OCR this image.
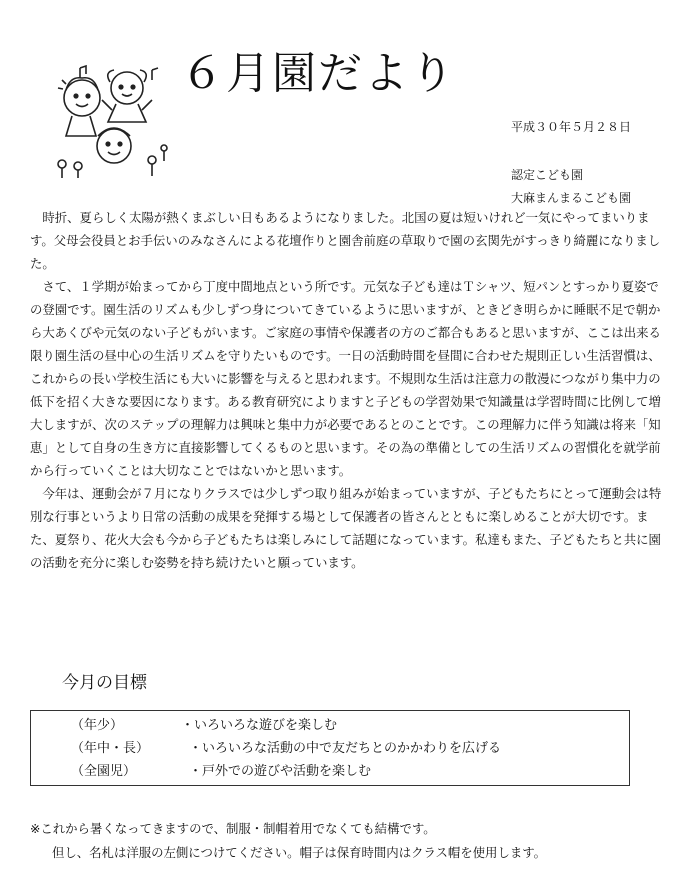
６月園だより
平成３０年５月２８日
認定こども園
大麻まんまるこども園

時折、夏らしく太陽が熱くまぶしい日もあるようになりました。北国の夏は短いけれど一気にやってまいります。父母会役員とお手伝いのみなさんによる花壇作りと園舎前庭の草取りで園の玄関先がすっきり綺麗になりました。

さて、１学期が始まってから丁度中間地点という所です。元気な子ども達はＴシャツ、短パンとすっかり夏姿での登園です。園生活のリズムも少しずつ身についてきているように思いますが、ときどき明らかに睡眠不足で朝から大あくびや元気のない子どもがいます。ご家庭の事情や保護者の方のご都合もあると思いますが、ここは出来る限り園生活の昼中心の生活リズムを守りたいものです。一日の活動時間を昼間に合わせた規則正しい生活習慣は、これからの長い学校生活にも大いに影響を与えると思われます。不規則な生活は注意力の散漫につながり集中力の低下を招く大きな要因になります。ある教育研究によりますと子どもの学習効果で知識量は学習時間に比例して増大しますが、次のステップの理解力は興味と集中力が必要であるとのことです。この理解力に伴う知識は将来「知恵」として自身の生き方に直接影響してくるものと思います。その為の準備としての生活リズムの習慣化を就学前から行っていくことは大切なことではないかと思います。

今年は、運動会が７月になりクラスでは少しずつ取り組みが始まっていますが、子どもたちにとって運動会は特別な行事というより日常の活動の成果を発揮する場として保護者の皆さんとともに楽しめることが大切です。また、夏祭り、花火大会も今から子どもたちは楽しみにして話題になっています。私達もまた、子どもたちと共に園の活動を充分に楽しむ姿勢を持ち続けたいと願っています。

今月の目標
（年少）	・いろいろな遊びを楽しむ
（年中・長）	・いろいろな活動の中で友だちとのかかわりを広げる
（全園児）	・戸外での遊びや活動を楽しむ
※これから暑くなってきますので、制服・制帽着用でなくても結構です。
但し、名札は洋服の左側につけてください。帽子は保育時間内はクラス帽を使用します。
